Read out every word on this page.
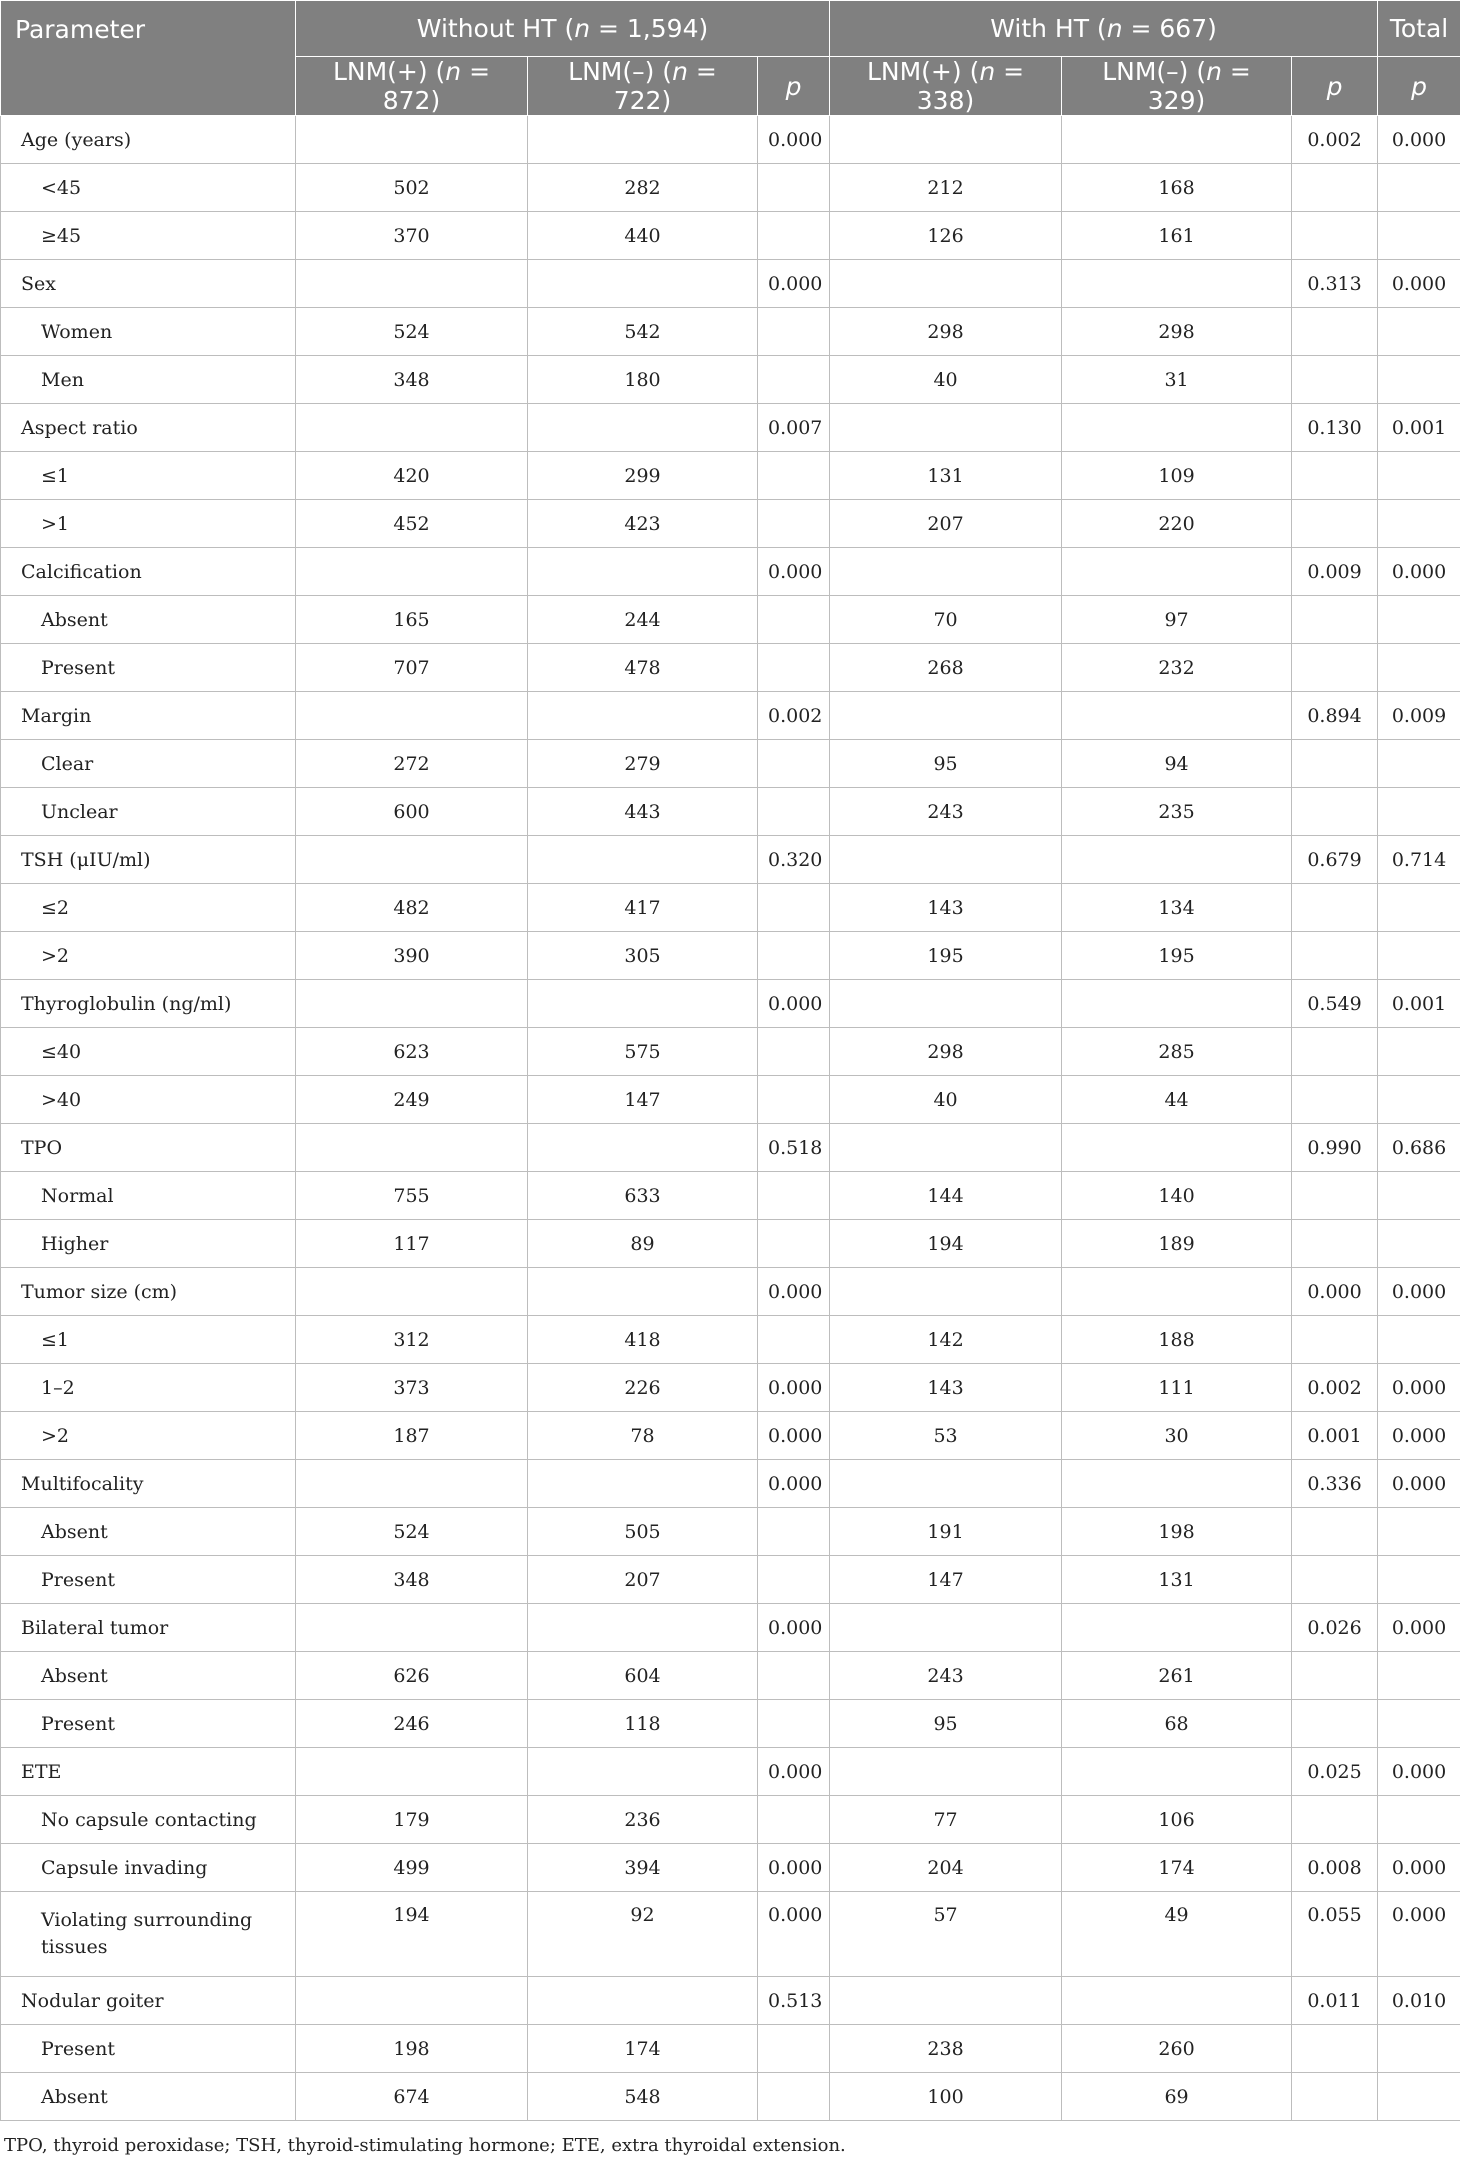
Parameter	Without HT (n = 1,594)			With HT (n = 667)			Total
	LNM(+) (n = 872)	LNM(–) (n = 722)	p	LNM(+) (n = 338)	LNM(–) (n = 329)	p	p
Age (years)			0.000			0.002	0.000
<45	502	282		212	168		
≥45	370	440		126	161		
Sex			0.000			0.313	0.000
Women	524	542		298	298		
Men	348	180		40	31		
Aspect ratio			0.007			0.130	0.001
≤1	420	299		131	109		
>1	452	423		207	220		
Calcification			0.000			0.009	0.000
Absent	165	244		70	97		
Present	707	478		268	232		
Margin			0.002			0.894	0.009
Clear	272	279		95	94		
Unclear	600	443		243	235		
TSH (μIU/ml)			0.320			0.679	0.714
≤2	482	417		143	134		
>2	390	305		195	195		
Thyroglobulin (ng/ml)			0.000			0.549	0.001
≤40	623	575		298	285		
>40	249	147		40	44		
TPO			0.518			0.990	0.686
Normal	755	633		144	140		
Higher	117	89		194	189		
Tumor size (cm)			0.000			0.000	0.000
≤1	312	418		142	188		
1–2	373	226	0.000	143	111	0.002	0.000
>2	187	78	0.000	53	30	0.001	0.000
Multifocality			0.000			0.336	0.000
Absent	524	505		191	198		
Present	348	207		147	131		
Bilateral tumor			0.000			0.026	0.000
Absent	626	604		243	261		
Present	246	118		95	68		
ETE			0.000			0.025	0.000
No capsule contacting	179	236		77	106		
Capsule invading	499	394	0.000	204	174	0.008	0.000
Violating surrounding tissues	194	92	0.000	57	49	0.055	0.000
Nodular goiter			0.513			0.011	0.010
Present	198	174		238	260		
Absent	674	548		100	69		
TPO, thyroid peroxidase; TSH, thyroid-stimulating hormone; ETE, extra thyroidal extension.
